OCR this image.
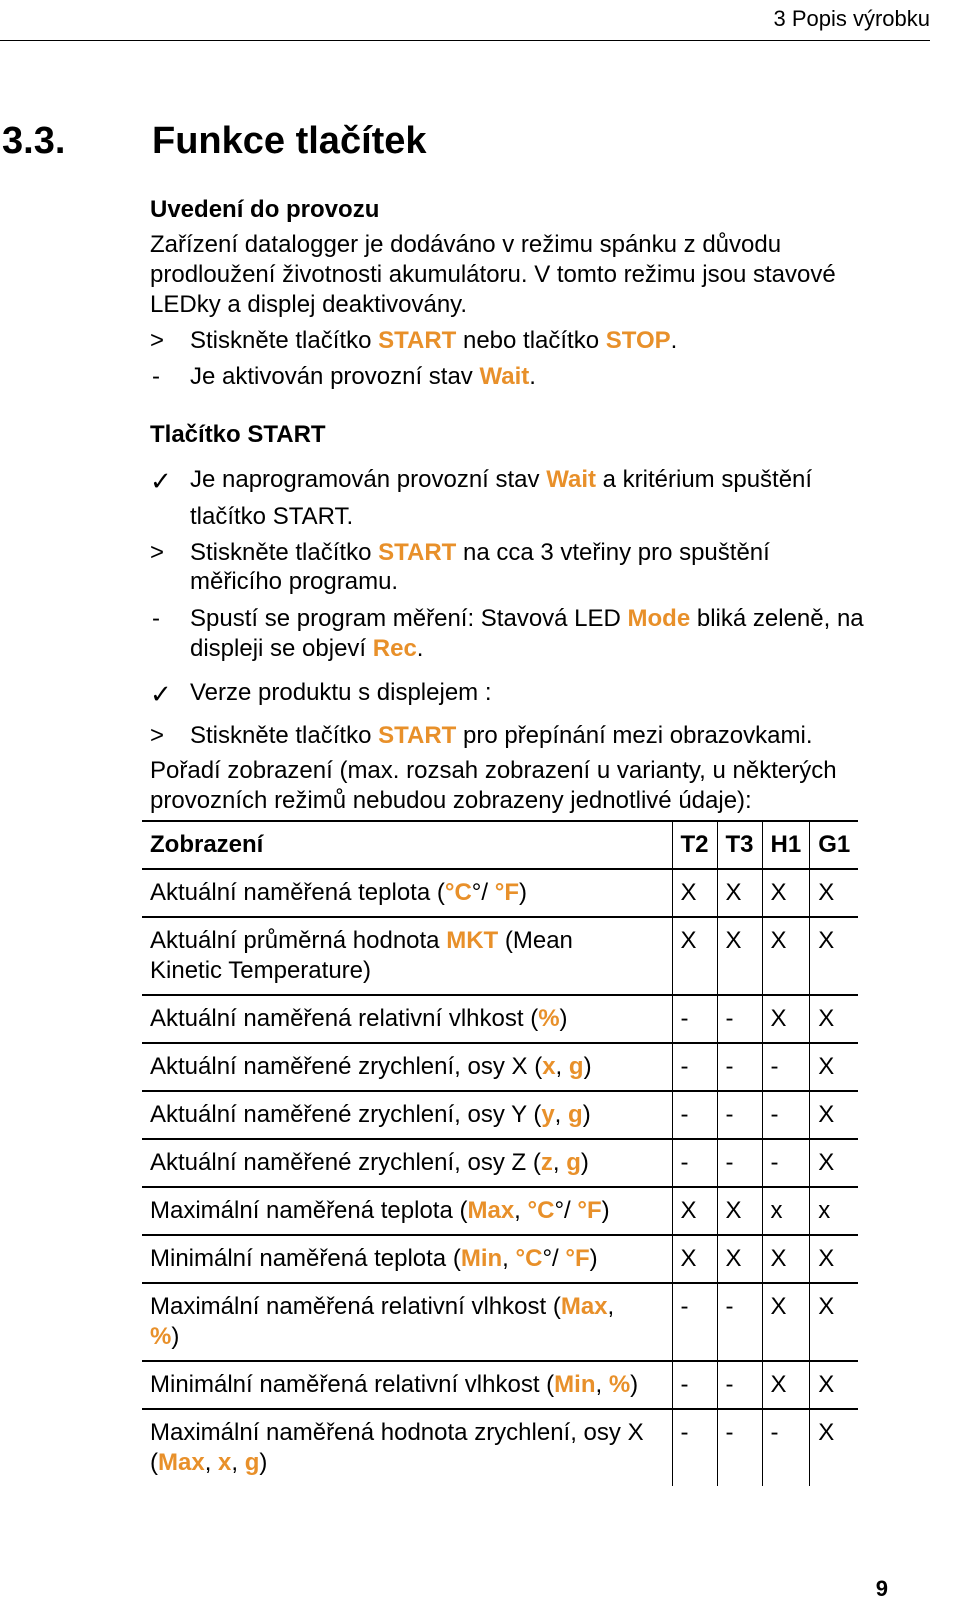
3 Popis výrobku
3.3. Funkce tlačítek
Uvedení do provozu
Zařízení datalogger je dodáváno v režimu spánku z důvodu
prodloužení životnosti akumulátoru. V tomto režimu jsou stavové
LEDky a displej deaktivovány.
>	Stiskněte tlačítko START nebo tlačítko STOP.
-	Je aktivován provozní stav Wait.
Tlačítko START
✓ Je naprogramován provozní stav Wait a kritérium spuštění
tlačítko START.
>	Stiskněte tlačítko START na cca 3 vteřiny pro spuštění
měřicího programu.
-	Spustí se program měření: Stavová LED Mode bliká zeleně, na
displeji se objeví Rec.
✓ Verze produktu s displejem :
>	Stiskněte tlačítko START pro přepínání mezi obrazovkami.
Pořadí zobrazení (max. rozsah zobrazení u varianty, u některých
provozních režimů nebudou zobrazeny jednotlivé údaje):
Zobrazení	T2	T3	H1	G1
Aktuální naměřená teplota (°C°/ °F)	X	X	X	X
Aktuální průměrná hodnota MKT (Mean
Kinetic Temperature)	X	X	X	X
Aktuální naměřená relativní vlhkost (%)	-	-	X	X
Aktuální naměřené zrychlení, osy X (x, g)	-	-	-	X
Aktuální naměřené zrychlení, osy Y (y, g)	-	-	-	X
Aktuální naměřené zrychlení, osy Z (z, g)	-	-	-	X
Maximální naměřená teplota (Max, °C°/ °F)	X	X	x	x
Minimální naměřená teplota (Min, °C°/ °F)	X	X	X	X
Maximální naměřená relativní vlhkost (Max,
%)	-	-	X	X
Minimální naměřená relativní vlhkost (Min, %)	-	-	X	X
Maximální naměřená hodnota zrychlení, osy X
(Max, x, g)	-	-	-	X
9
